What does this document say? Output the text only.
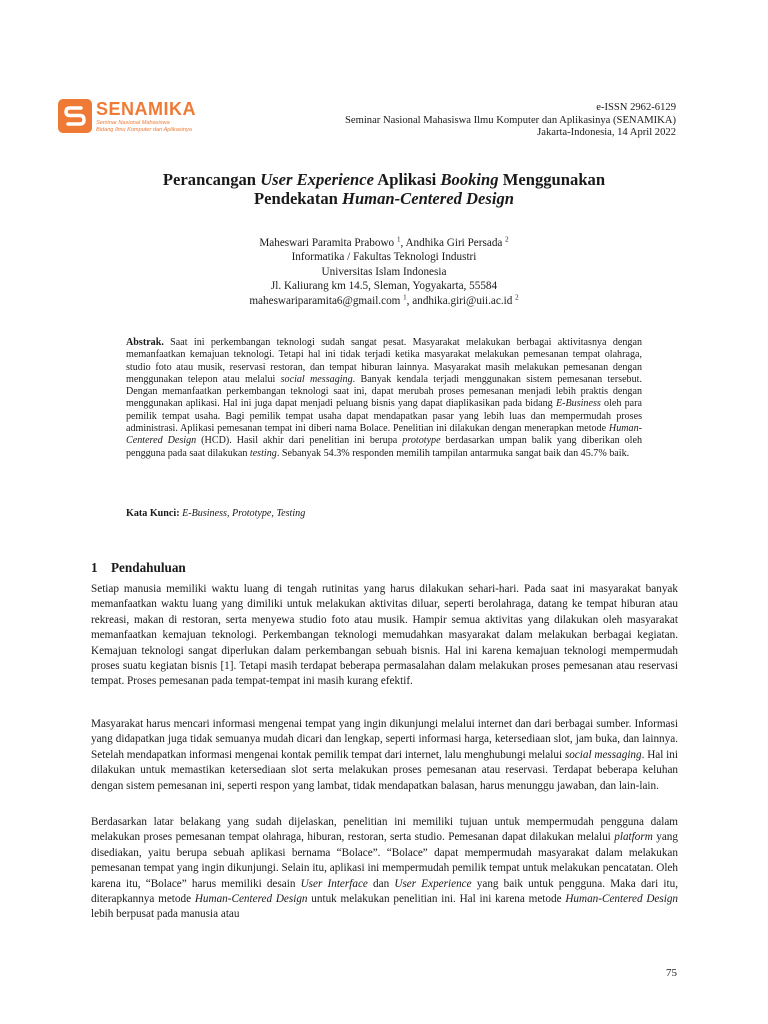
SENAMIKA
Seminar Nasional Mahasiswa
Bidang Ilmu Komputer dan Aplikasinya
e-ISSN 2962-6129
Seminar Nasional Mahasiswa Ilmu Komputer dan Aplikasinya (SENAMIKA)
Jakarta-Indonesia, 14 April 2022
Perancangan User Experience Aplikasi Booking Menggunakan
Pendekatan Human-Centered Design
Maheswari Paramita Prabowo $^1$, Andhika Giri Persada $^2$
Informatika / Fakultas Teknologi Industri
Universitas Islam Indonesia
Jl. Kaliurang km 14.5, Sleman, Yogyakarta, 55584
maheswariparamita6@gmail.com $^1$, andhika.giri@uii.ac.id $^2$

Abstrak. Saat ini perkembangan teknologi sudah sangat pesat. Masyarakat melakukan berbagai aktivitasnya dengan memanfaatkan kemajuan teknologi. Tetapi hal ini tidak terjadi ketika masyarakat melakukan pemesanan tempat olahraga, studio foto atau musik, reservasi restoran, dan tempat hiburan lainnya. Masyarakat masih melakukan pemesanan dengan menggunakan telepon atau melalui social messaging. Banyak kendala terjadi menggunakan sistem pemesanan tersebut. Dengan memanfaatkan perkembangan teknologi saat ini, dapat merubah proses pemesanan menjadi lebih praktis dengan menggunakan aplikasi. Hal ini juga dapat menjadi peluang bisnis yang dapat diaplikasikan pada bidang E-Business oleh para pemilik tempat usaha. Bagi pemilik tempat usaha dapat mendapatkan pasar yang lebih luas dan mempermudah proses administrasi. Aplikasi pemesanan tempat ini diberi nama Bolace. Penelitian ini dilakukan dengan menerapkan metode Human-Centered Design (HCD). Hasil akhir dari penelitian ini berupa prototype berdasarkan umpan balik yang diberikan oleh pengguna pada saat dilakukan testing. Sebanyak 54.3% responden memilih tampilan antarmuka sangat baik dan 45.7% baik.

Kata Kunci: E-Business, Prototype, Testing

1 Pendahuluan

Setiap manusia memiliki waktu luang di tengah rutinitas yang harus dilakukan sehari-hari. Pada saat ini masyarakat banyak memanfaatkan waktu luang yang dimiliki untuk melakukan aktivitas diluar, seperti berolahraga, datang ke tempat hiburan atau rekreasi, makan di restoran, serta menyewa studio foto atau musik. Hampir semua aktivitas yang dilakukan oleh masyarakat memanfaatkan kemajuan teknologi. Perkembangan teknologi memudahkan masyarakat dalam melakukan berbagai kegiatan. Kemajuan teknologi sangat diperlukan dalam perkembangan sebuah bisnis. Hal ini karena kemajuan teknologi mempermudah proses suatu kegiatan bisnis [1]. Tetapi masih terdapat beberapa permasalahan dalam melakukan proses pemesanan atau reservasi tempat. Proses pemesanan pada tempat-tempat ini masih kurang efektif.

Masyarakat harus mencari informasi mengenai tempat yang ingin dikunjungi melalui internet dan dari berbagai sumber. Informasi yang didapatkan juga tidak semuanya mudah dicari dan lengkap, seperti informasi harga, ketersediaan slot, jam buka, dan lainnya. Setelah mendapatkan informasi mengenai kontak pemilik tempat dari internet, lalu menghubungi melalui social messaging. Hal ini dilakukan untuk memastikan ketersediaan slot serta melakukan proses pemesanan atau reservasi. Terdapat beberapa keluhan dengan sistem pemesanan ini, seperti respon yang lambat, tidak mendapatkan balasan, harus menunggu jawaban, dan lain-lain.

Berdasarkan latar belakang yang sudah dijelaskan, penelitian ini memiliki tujuan untuk mempermudah pengguna dalam melakukan proses pemesanan tempat olahraga, hiburan, restoran, serta studio. Pemesanan dapat dilakukan melalui platform yang disediakan, yaitu berupa sebuah aplikasi bernama “Bolace”. “Bolace” dapat mempermudah masyarakat dalam melakukan pemesanan tempat yang ingin dikunjungi. Selain itu, aplikasi ini mempermudah pemilik tempat untuk melakukan pencatatan. Oleh karena itu, “Bolace” harus memiliki desain User Interface dan User Experience yang baik untuk pengguna. Maka dari itu, diterapkannya metode Human-Centered Design untuk melakukan penelitian ini. Hal ini karena metode Human-Centered Design lebih berpusat pada manusia atau

75
